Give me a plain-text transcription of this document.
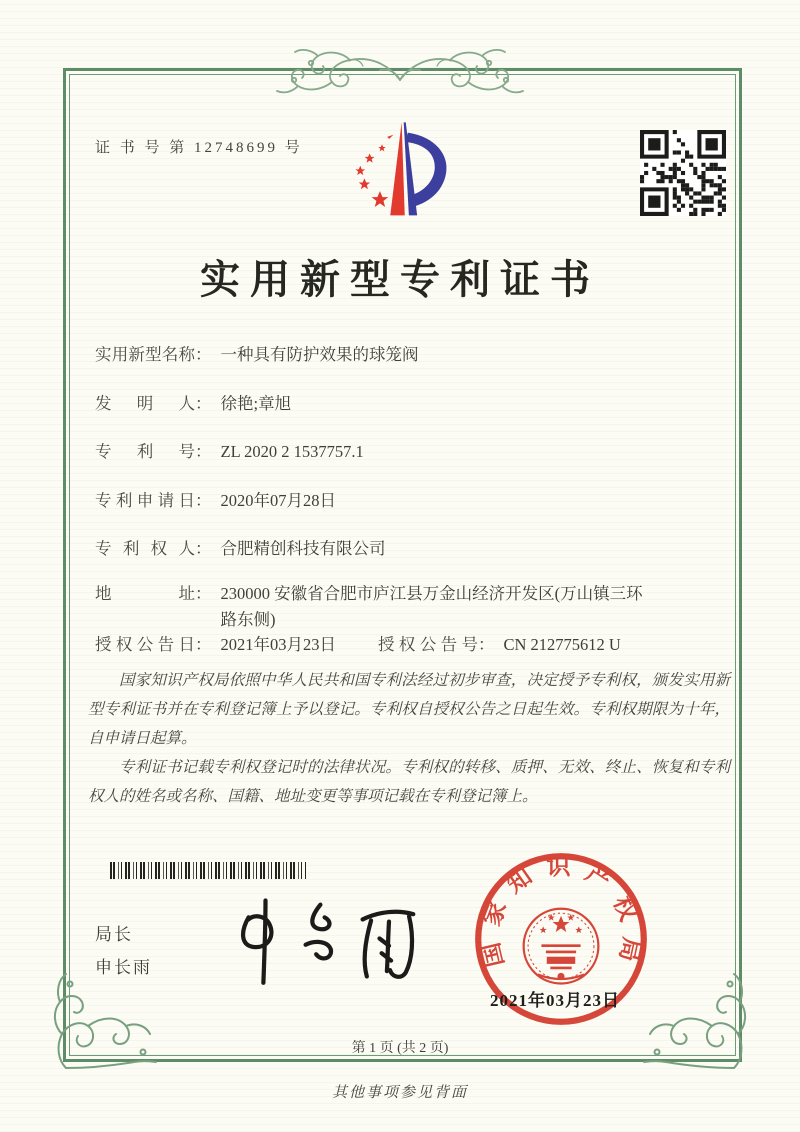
证 书 号 第 12748699 号
实用新型专利证书
实用新型名称 ： 一种具有防护效果的球笼阀
发明人 ： 徐艳;章旭
专利号 ： ZL 2020 2 1537757.1
专利申请日 ： 2020年07月28日
专利权人 ： 合肥精创科技有限公司
地址 ： 230000 安徽省合肥市庐江县万金山经济开发区(万山镇三环路东侧)
授权公告日 ： 2021年03月23日	授权公告号 ： CN 212775612 U

国家知识产权局依照中华人民共和国专利法经过初步审查，决定授予专利权，颁发实用新型专利证书并在专利登记簿上予以登记。专利权自授权公告之日起生效。专利权期限为十年，自申请日起算。

专利证书记载专利权登记时的法律状况。专利权的转移、质押、无效、终止、恢复和专利权人的姓名或名称、国籍、地址变更等事项记载在专利登记簿上。

局长
申长雨	国 家 知 识 产 权 局
2021年03月23日
第 1 页 (共 2 页)
其他事项参见背面
